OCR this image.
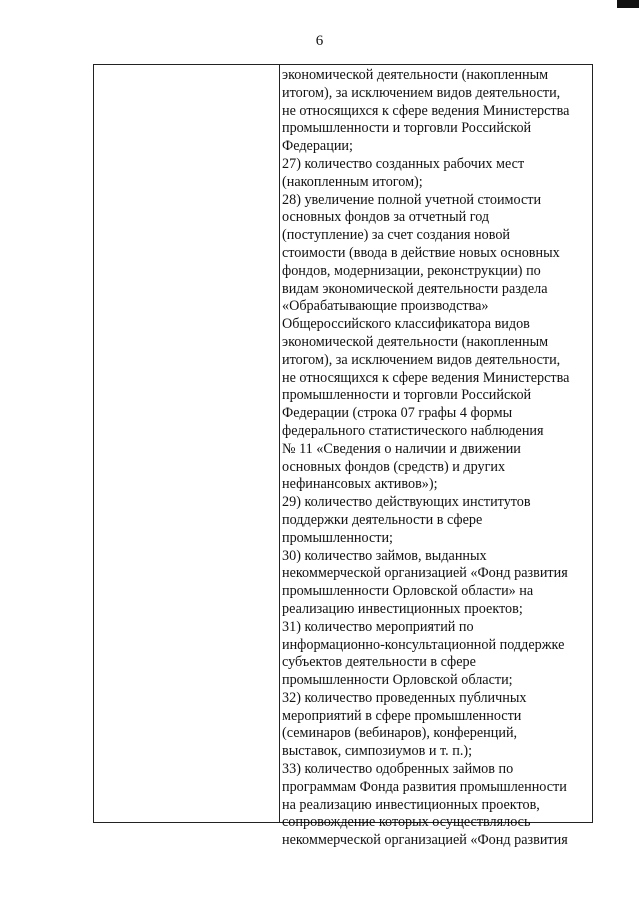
6
экономической деятельности (накопленным
итогом), за исключением видов деятельности,
не относящихся к сфере ведения Министерства
промышленности и торговли Российской
Федерации;
27) количество созданных рабочих мест
(накопленным итогом);
28) увеличение полной учетной стоимости
основных фондов за отчетный год
(поступление) за счет создания новой
стоимости (ввода в действие новых основных
фондов, модернизации, реконструкции) по
видам экономической деятельности раздела
«Обрабатывающие производства»
Общероссийского классификатора видов
экономической деятельности (накопленным
итогом), за исключением видов деятельности,
не относящихся к сфере ведения Министерства
промышленности и торговли Российской
Федерации (строка 07 графы 4 формы
федерального статистического наблюдения
№ 11 «Сведения о наличии и движении
основных фондов (средств) и других
нефинансовых активов»);
29) количество действующих институтов
поддержки деятельности в сфере
промышленности;
30) количество займов, выданных
некоммерческой организацией «Фонд развития
промышленности Орловской области» на
реализацию инвестиционных проектов;
31) количество мероприятий по
информационно-консультационной поддержке
субъектов деятельности в сфере
промышленности Орловской области;
32) количество проведенных публичных
мероприятий в сфере промышленности
(семинаров (вебинаров), конференций,
выставок, симпозиумов и т. п.);
33) количество одобренных займов по
программам Фонда развития промышленности
на реализацию инвестиционных проектов,
сопровождение которых осуществлялось
некоммерческой организацией «Фонд развития
